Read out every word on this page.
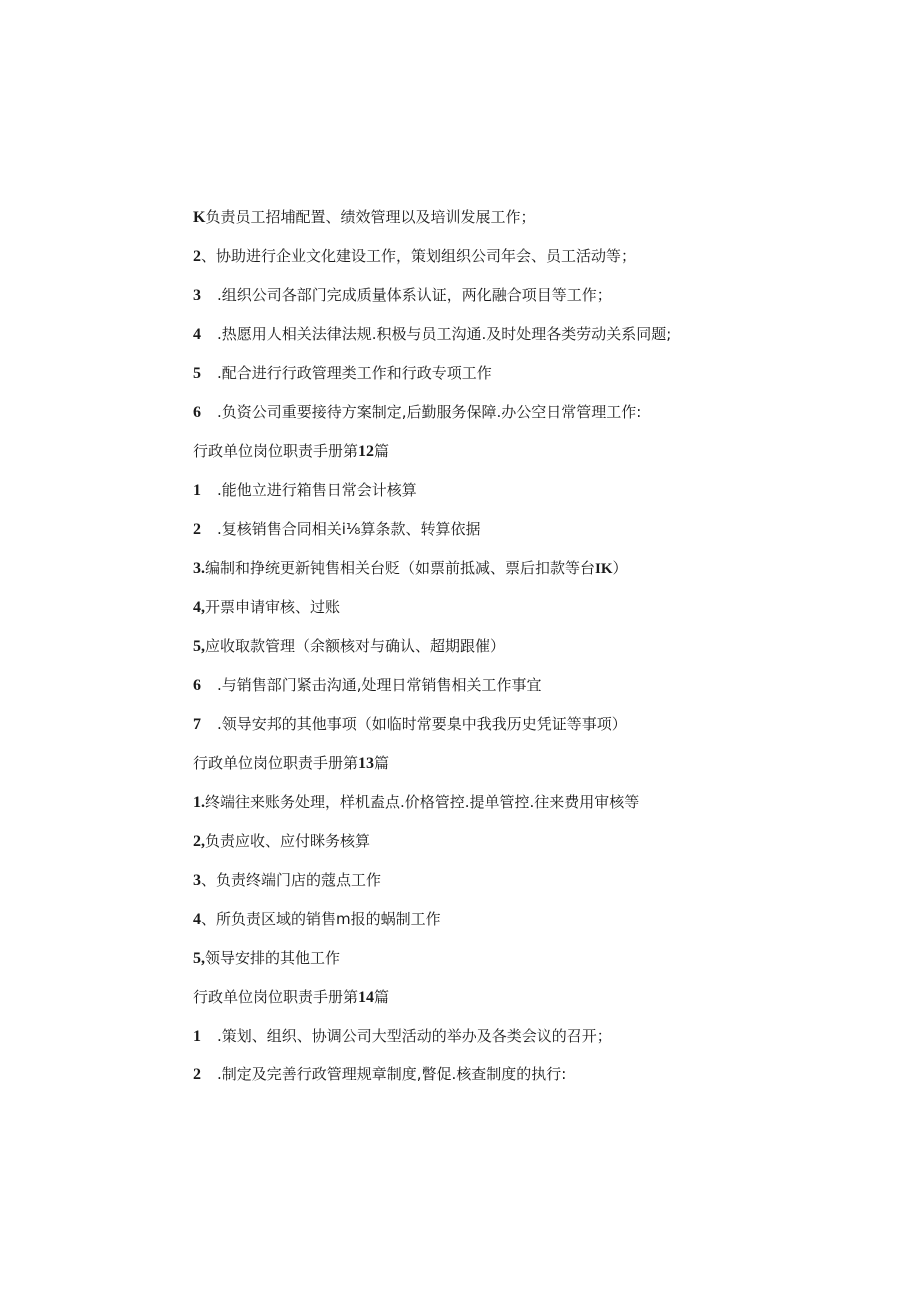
K负责员工招埔配置、绩效管理以及培训发展工作；
2、协助进行企业文化建设工作，策划组织公司年会、员工活动等；
3 .组织公司各部门完成质量体系认证，两化融合项目等工作；
4 .热愿用人相关法律法规.积极与员工沟通.及时处理各类劳动关系同题;
5 .配合进行行政管理类工作和行政专项工作
6 .负资公司重要接待方案制定,后勤服务保障.办公空日常管理工作:
行政单位岗位职责手册第12篇
1 .能他立进行箱售日常会计核算
2 .复核销售合同相关i⅛算条款、转算依据
3.编制和挣统更新钝售相关台贬（如票前抵减、票后扣款等台IK）
4,开票申请审核、过账
5,应收取款管理（余额核对与确认、超期跟催）
6 .与销售部门紧击沟通,处理日常销售相关工作事宜
7 .领导安邦的其他事项（如临时常要臬中我我历史凭证等事项）
行政单位岗位职责手册第13篇
1.终端往来账务处理，样机盍点.价格管控.提单管控.往来费用审核等
2,负责应收、应付眯务核算
3、负责终端门店的蔻点工作
4、所负责区域的销售m报的蜗制工作
5,领导安排的其他工作
行政单位岗位职责手册第14篇
1 .策划、组织、协调公司大型活动的举办及各类会议的召开；
2 .制定及完善行政管理规章制度,瞥促.核查制度的执行:
